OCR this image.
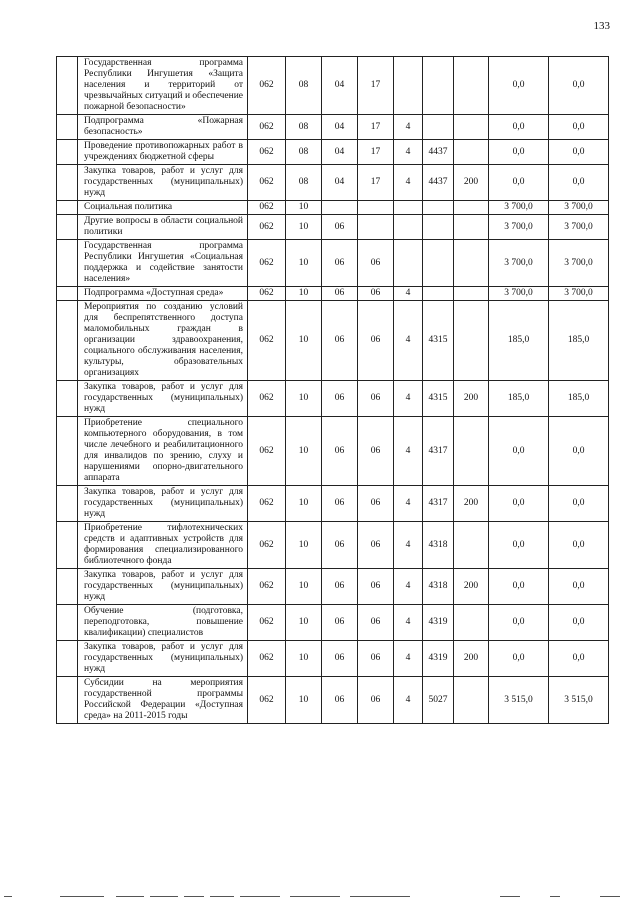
133
	Государственная программа Республики Ингушетия «Защита населения и территорий от чрезвычайных ситуаций и обеспечение пожарной безопасности»	062	08	04	17				0,0	0,0
	Подпрограмма «Пожарная безопасность»	062	08	04	17	4			0,0	0,0
	Проведение противопожарных работ в учреждениях бюджетной сферы	062	08	04	17	4	4437		0,0	0,0
	Закупка товаров, работ и услуг для государственных (муниципальных) нужд	062	08	04	17	4	4437	200	0,0	0,0
	Социальная политика	062	10						3 700,0	3 700,0
	Другие вопросы в области социальной политики	062	10	06					3 700,0	3 700,0
	Государственная программа Республики Ингушетия «Социальная поддержка и содействие занятости населения»	062	10	06	06				3 700,0	3 700,0
	Подпрограмма «Доступная среда»	062	10	06	06	4			3 700,0	3 700,0
	Мероприятия по созданию условий для беспрепятственного доступа маломобильных граждан в организации здравоохранения, социального обслуживания населения, культуры, образовательных организациях	062	10	06	06	4	4315		185,0	185,0
	Закупка товаров, работ и услуг для государственных (муниципальных) нужд	062	10	06	06	4	4315	200	185,0	185,0
	Приобретение специального компьютерного оборудования, в том числе лечебного и реабилитационного для инвалидов по зрению, слуху и нарушениями опорно-двигательного аппарата	062	10	06	06	4	4317		0,0	0,0
	Закупка товаров, работ и услуг для государственных (муниципальных) нужд	062	10	06	06	4	4317	200	0,0	0,0
	Приобретение тифлотехнических средств и адаптивных устройств для формирования специализированного библиотечного фонда	062	10	06	06	4	4318		0,0	0,0
	Закупка товаров, работ и услуг для государственных (муниципальных) нужд	062	10	06	06	4	4318	200	0,0	0,0
	Обучение (подготовка, переподготовка, повышение квалификации) специалистов	062	10	06	06	4	4319		0,0	0,0
	Закупка товаров, работ и услуг для государственных (муниципальных) нужд	062	10	06	06	4	4319	200	0,0	0,0
	Субсидии на мероприятия государственной программы Российской Федерации «Доступная среда» на 2011-2015 годы	062	10	06	06	4	5027		3 515,0	3 515,0
